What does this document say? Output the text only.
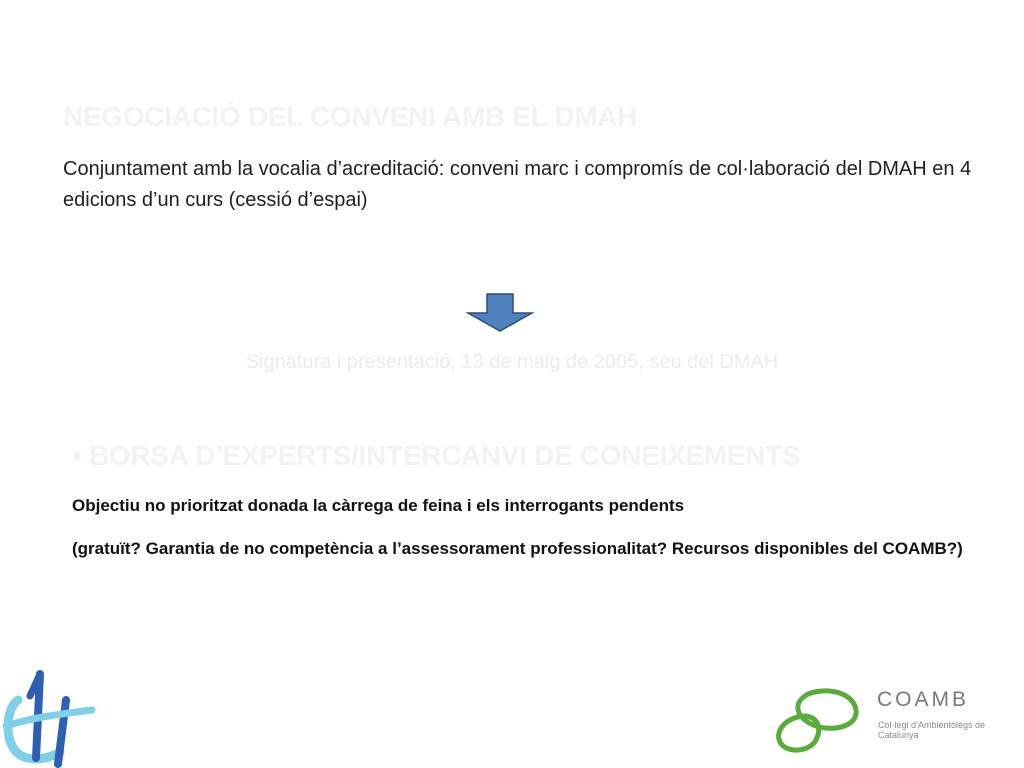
NEGOCIACIÓ DEL CONVENI AMB EL DMAH
Conjuntament amb la vocalia d’acreditació: conveni marc i compromís de col·laboració del DMAH en 4 edicions d’un curs (cessió d’espai)
Signatura i presentació, 13 de maig de 2005, seu del DMAH
• BORSA D’EXPERTS/INTERCANVI DE CONEIXEMENTS
Objectiu no prioritzat donada la càrrega de feina i els interrogants pendents
(gratuït? Garantia de no competència a l’assessorament professionalitat? Recursos disponibles del COAMB?)
COAMB
Col·legi d’Ambientòlegs de Catalunya
